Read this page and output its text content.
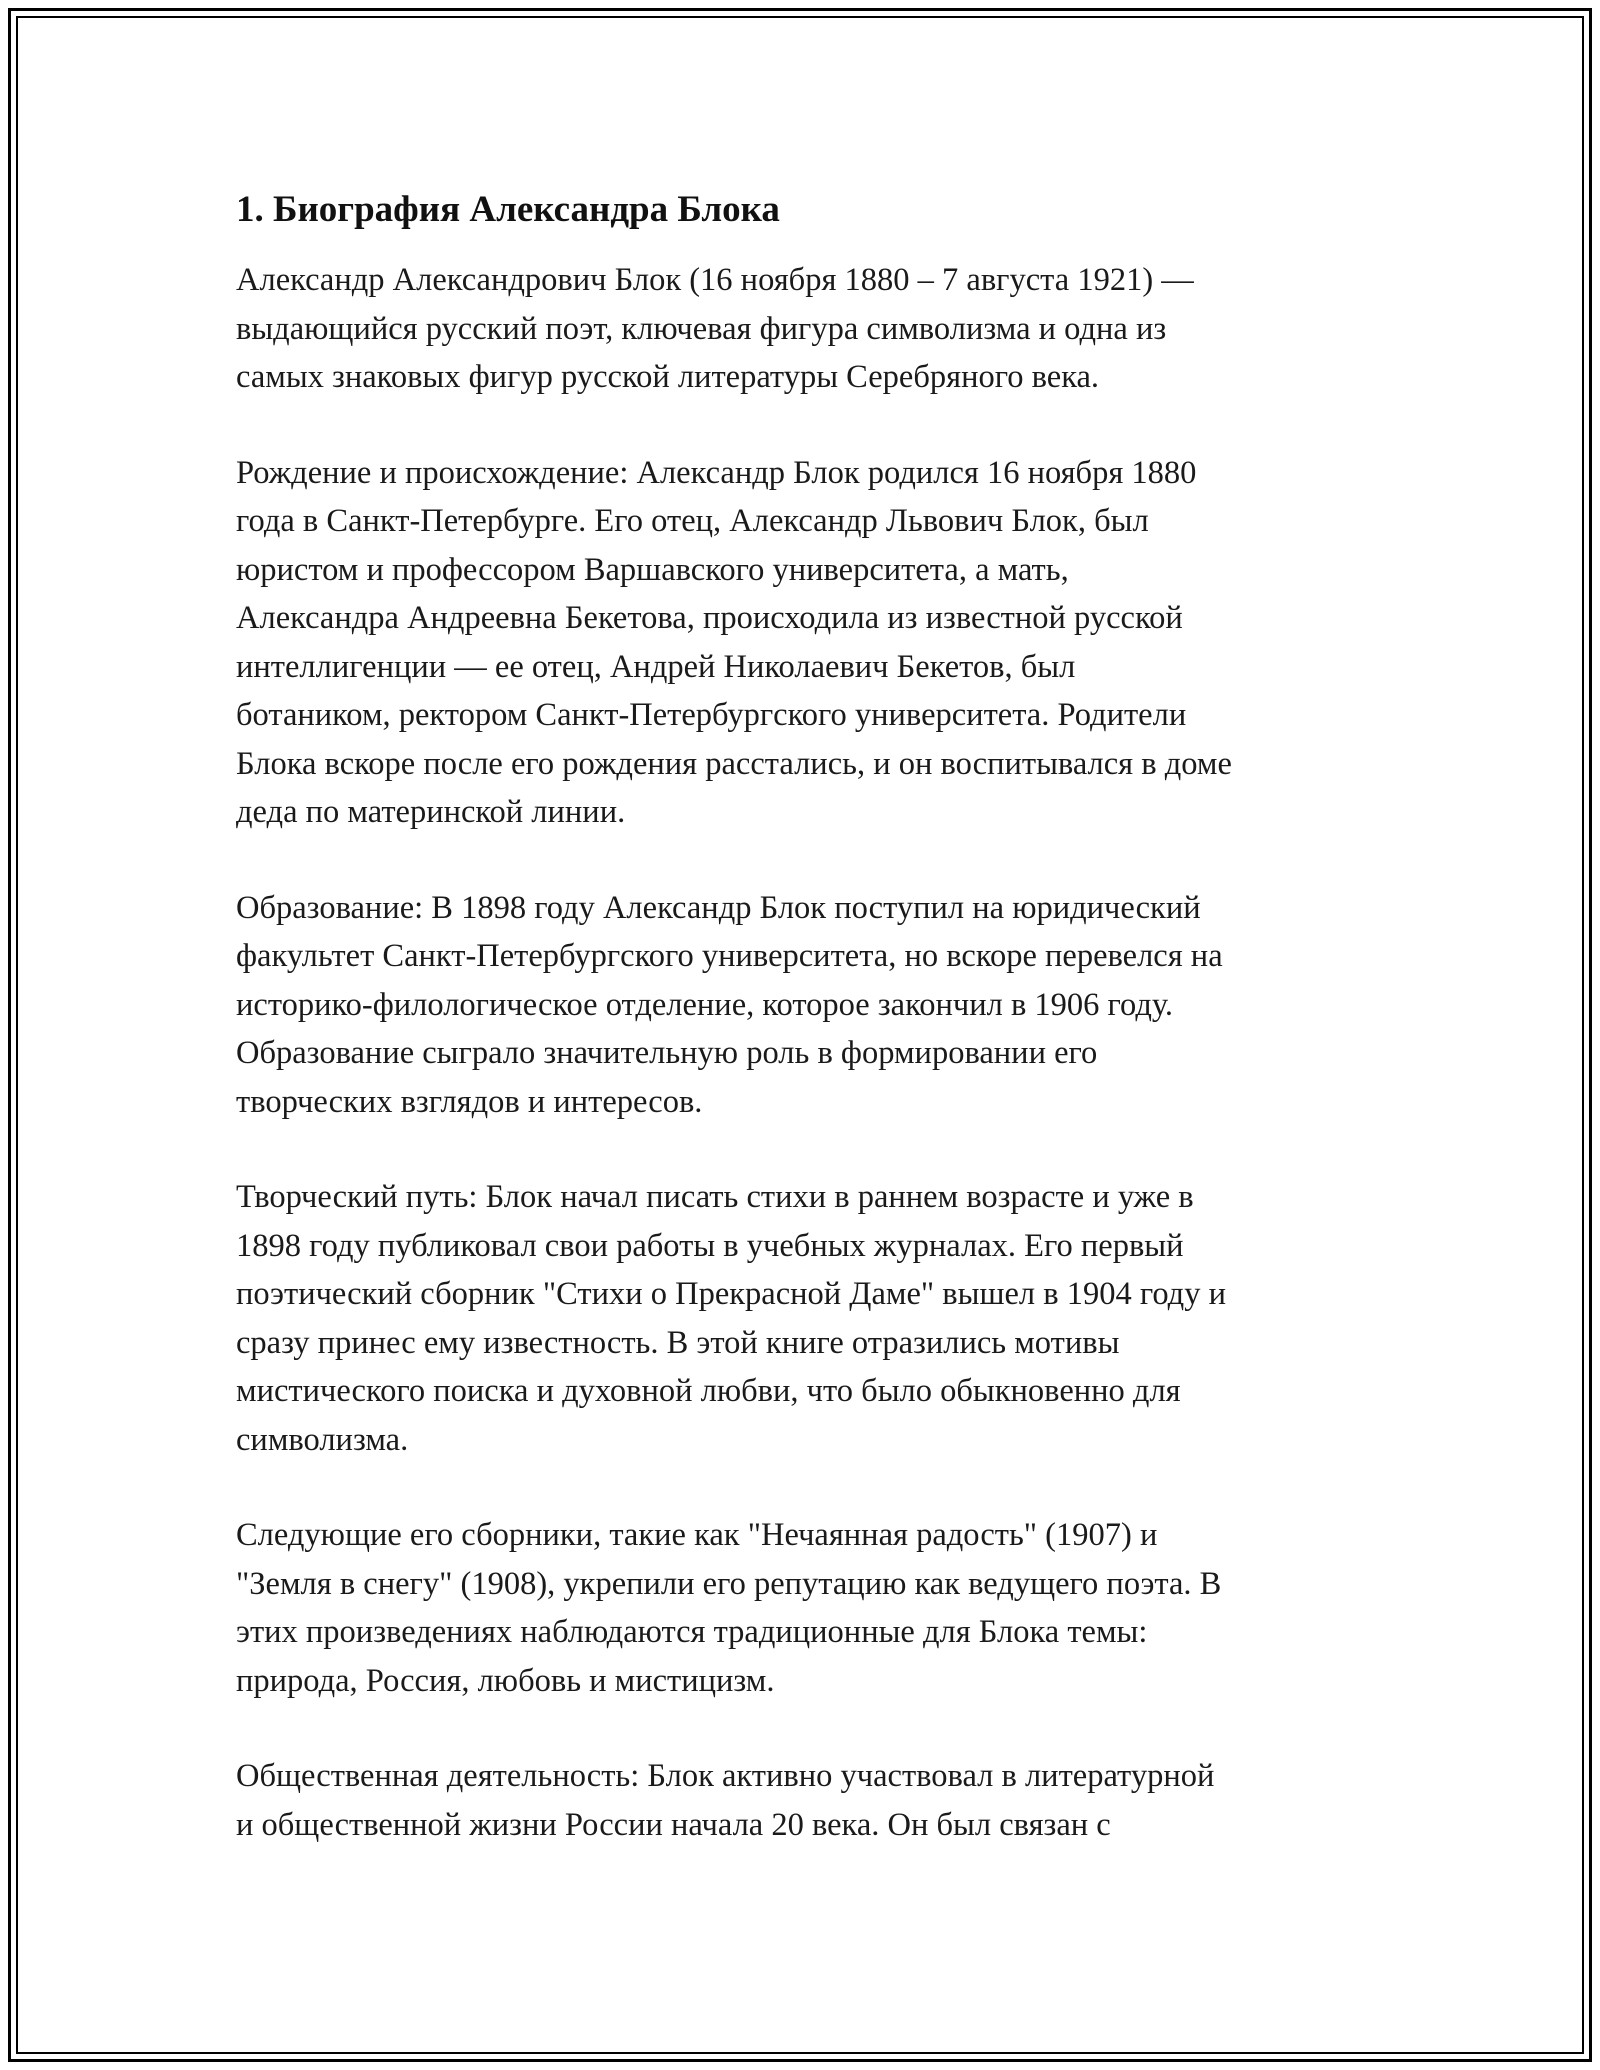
1. Биография Александра Блока
Александр Александрович Блок (16 ноября 1880 – 7 августа 1921) —
выдающийся русский поэт, ключевая фигура символизма и одна из
самых знаковых фигур русской литературы Серебряного века.
Рождение и происхождение: Александр Блок родился 16 ноября 1880
года в Санкт-Петербурге. Его отец, Александр Львович Блок, был
юристом и профессором Варшавского университета, а мать,
Александра Андреевна Бекетова, происходила из известной русской
интеллигенции — ее отец, Андрей Николаевич Бекетов, был
ботаником, ректором Санкт-Петербургского университета. Родители
Блока вскоре после его рождения расстались, и он воспитывался в доме
деда по материнской линии.
Образование: В 1898 году Александр Блок поступил на юридический
факультет Санкт-Петербургского университета, но вскоре перевелся на
историко-филологическое отделение, которое закончил в 1906 году.
Образование сыграло значительную роль в формировании его
творческих взглядов и интересов.
Творческий путь: Блок начал писать стихи в раннем возрасте и уже в
1898 году публиковал свои работы в учебных журналах. Его первый
поэтический сборник "Стихи о Прекрасной Даме" вышел в 1904 году и
сразу принес ему известность. В этой книге отразились мотивы
мистического поиска и духовной любви, что было обыкновенно для
символизма.
Следующие его сборники, такие как "Нечаянная радость" (1907) и
"Земля в снегу" (1908), укрепили его репутацию как ведущего поэта. В
этих произведениях наблюдаются традиционные для Блока темы:
природа, Россия, любовь и мистицизм.
Общественная деятельность: Блок активно участвовал в литературной
и общественной жизни России начала 20 века. Он был связан с
